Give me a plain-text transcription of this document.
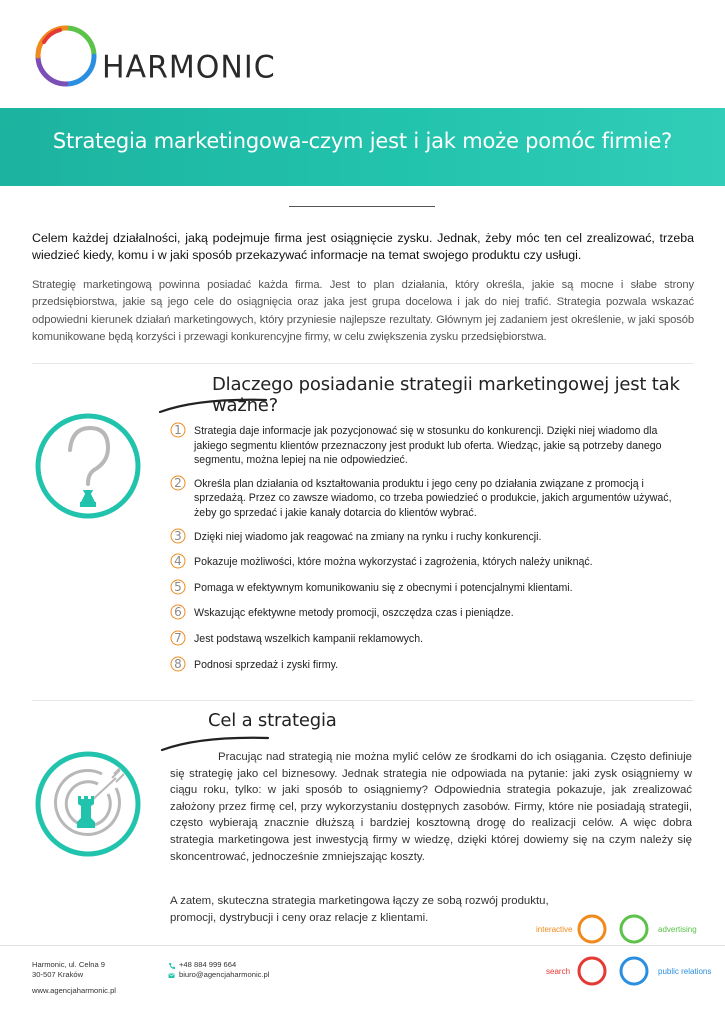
HARMONIC
Strategia marketingowa-czym jest i jak może pomóc firmie?

Celem każdej działalności, jaką podejmuje firma jest osiągnięcie zysku. Jednak, żeby móc ten cel zrealizować, trzeba wiedzieć kiedy, komu i w jaki sposób przekazywać informacje na temat swojego produktu czy usługi.

Strategię marketingową powinna posiadać każda firma. Jest to plan działania, który określa, jakie są mocne i słabe strony przedsiębiorstwa, jakie są jego cele do osiągnięcia oraz jaka jest grupa docelowa i jak do niej trafić. Strategia pozwala wskazać odpowiedni kierunek działań marketingowych, który przyniesie najlepsze rezultaty. Głównym jej zadaniem jest określenie, w jaki sposób komunikowane będą korzyści i przewagi konkurencyjne firmy, w celu zwiększenia zysku przedsiębiorstwa.

Dlaczego posiadanie strategii marketingowej jest tak ważne?
1	Strategia daje informacje jak pozycjonować się w stosunku do konkurencji. Dzięki niej wiadomo dla jakiego segmentu klientów przeznaczony jest produkt lub oferta. Wiedząc, jakie są potrzeby danego segmentu, można lepiej na nie odpowiedzieć.
2	Określa plan działania od kształtowania produktu i jego ceny po działania związane z promocją i sprzedażą. Przez co zawsze wiadomo, co trzeba powiedzieć o produkcie, jakich argumentów używać, żeby go sprzedać i jakie kanały dotarcia do klientów wybrać.
3	Dzięki niej wiadomo jak reagować na zmiany na rynku i ruchy konkurencji.
4	Pokazuje możliwości, które można wykorzystać i zagrożenia, których należy uniknąć.
5	Pomaga w efektywnym komunikowaniu się z obecnymi i potencjalnymi klientami.
6	Wskazując efektywne metody promocji, oszczędza czas i pieniądze.
7	Jest podstawą wszelkich kampanii reklamowych.
8	Podnosi sprzedaż i zyski firmy.
Cel a strategia

Pracując nad strategią nie można mylić celów ze środkami do ich osiągania. Często definiuje się strategię jako cel biznesowy. Jednak strategia nie odpowiada na pytanie: jaki zysk osiągniemy w ciągu roku, tylko: w jaki sposób to osiągniemy? Odpowiednia strategia pokazuje, jak zrealizować założony przez firmę cel, przy wykorzystaniu dostępnych zasobów. Firmy, które nie posiadają strategii, często wybierają znacznie dłuższą i bardziej kosztowną drogę do realizacji celów. A więc dobra strategia marketingowa jest inwestycją firmy w wiedzę, dzięki której dowiemy się na czym należy się skoncentrować, jednocześnie zmniejszając koszty.

A zatem, skuteczna strategia marketingowa łączy ze sobą rozwój produktu, promocji, dystrybucji i ceny oraz relacje z klientami.

interactive	advertising
search	public relations
Harmonic, ul. Celna 9
30-507 Kraków
www.agencjaharmonic.pl
+48 884 999 664
biuro@agencjaharmonic.pl
